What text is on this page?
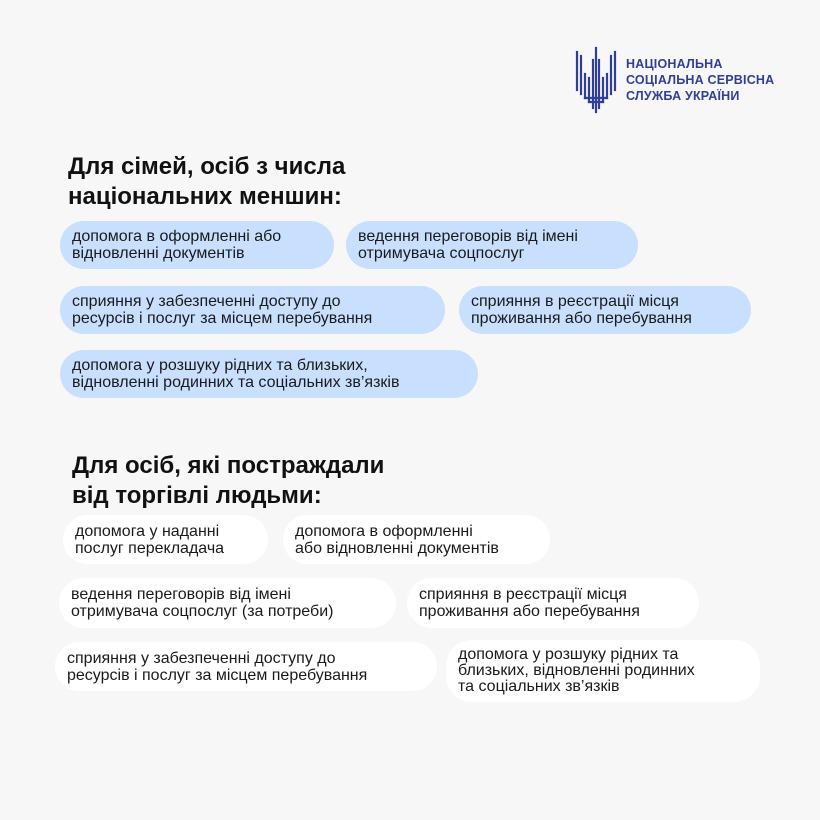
НАЦІОНАЛЬНА
СОЦІАЛЬНА СЕРВІСНА
СЛУЖБА УКРАЇНИ
Для сімей, осіб з числа
національних меншин:
допомога в оформленні або
відновленні документів
ведення переговорів від імені
отримувача соцпослуг
сприяння у забезпеченні доступу до
ресурсів і послуг за місцем перебування
сприяння в реєстрації місця
проживання або перебування
допомога у розшуку рідних та близьких,
відновленні родинних та соціальних зв’язків
Для осіб, які постраждали
від торгівлі людьми:
допомога у наданні
послуг перекладача
допомога в оформленні
або відновленні документів
ведення переговорів від імені
отримувача соцпослуг (за потреби)
сприяння в реєстрації місця
проживання або перебування
сприяння у забезпеченні доступу до
ресурсів і послуг за місцем перебування
допомога у розшуку рідних та
близьких, відновленні родинних
та соціальних зв’язків
